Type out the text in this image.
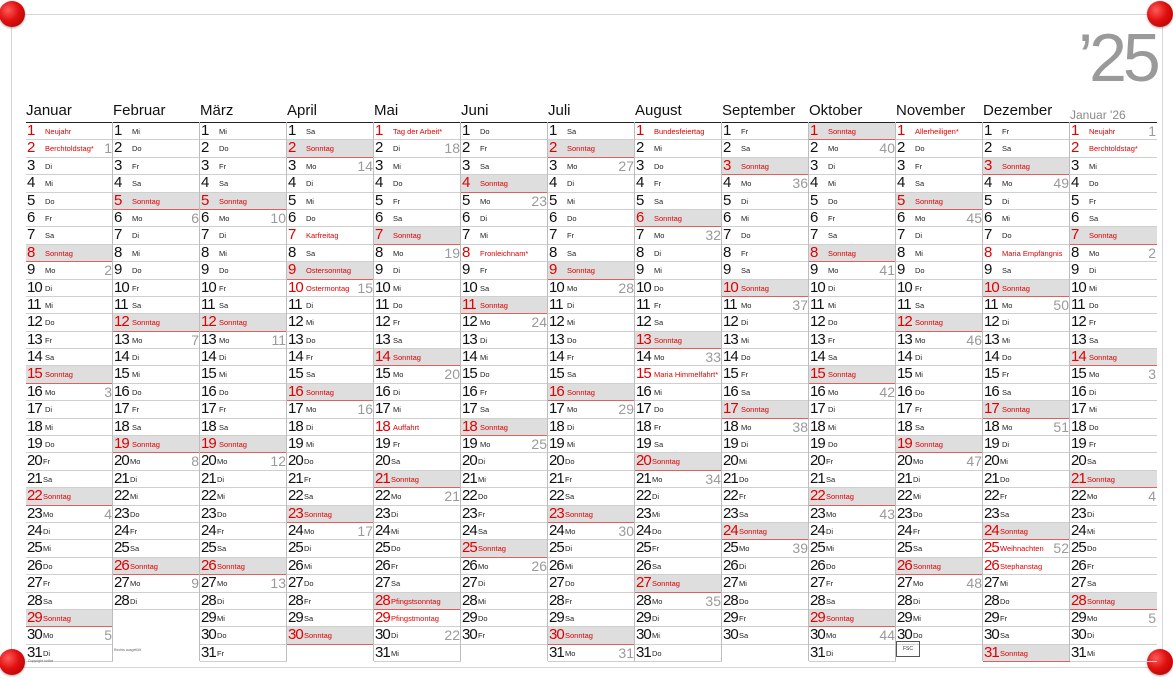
’25
Januar
1 Neujahr
2 Berchtoldstag* 1
3 Di
4 Mi
5 Do
6 Fr
7 Sa
8 Sonntag
9 Mo	2
10 Di
11 Mi
12 Do
13 Fr
14 Sa
15 Sonntag
16 Mo	3
17 Di
18 Mi
19 Do
20 Fr
21 Sa
22 Sonntag
23 Mo	4
24 Di
25 Mi
26 Do
27 Fr
28 Sa
29 Sonntag
30 Mo	5
31 Di
Februar
1 Mi
2 Do
3 Fr
4 Sa
5 Sonntag
6 Mo	6
7 Di
8 Mi
9 Do
10 Fr
11 Sa
12 Sonntag
13 Mo	7
14 Di
15 Mi
16 Do
17 Fr
18 Sa
19 Sonntag
20 Mo	8
21 Di
22 Mi
23 Do
24 Fr
25 Sa
26 Sonntag
27 Mo	9
28 Di
März
1 Mi
2 Do
3 Fr
4 Sa
5 Sonntag
6 Mo	10
7 Di
8 Mi
9 Do
10 Fr
11 Sa
12 Sonntag
13 Mo	11
14 Di
15 Mi
16 Do
17 Fr
18 Sa
19 Sonntag
20 Mo	12
21 Di
22 Mi
23 Do
24 Fr
25 Sa
26 Sonntag
27 Mo	13
28 Di
29 Mi
30 Do
31 Fr
April
1 Sa
2 Sonntag
3 Mo	14
4 Di
5 Mi
6 Do
7 Karfreitag
8 Sa
9 Ostersonntag
10 Ostermontag 15
11 Di
12 Mi
13 Do
14 Fr
15 Sa
16 Sonntag
17 Mo	16
18 Di
19 Mi
20 Do
21 Fr
22 Sa
23 Sonntag
24 Mo	17
25 Di
26 Mi
27 Do
28 Fr
29 Sa
30 Sonntag
Mai
1 Tag der Arbeit*
2 Di	18
3 Mi
4 Do
5 Fr
6 Sa
7 Sonntag
8 Mo	19
9 Di
10 Mi
11 Do
12 Fr
13 Sa
14 Sonntag
15 Mo	20
16 Di
17 Mi
18 Auffahrt
19 Fr
20 Sa
21 Sonntag
22 Mo	21
23 Di
24 Mi
25 Do
26 Fr
27 Sa
28 Pfingstsonntag
29 Pfingstmontag
30 Di	22
31 Mi
Juni
1 Do
2 Fr
3 Sa
4 Sonntag
5 Mo	23
6 Di
7 Mi
8 Fronleichnam*
9 Fr
10 Sa
11 Sonntag
12 Mo	24
13 Di
14 Mi
15 Do
16 Fr
17 Sa
18 Sonntag
19 Mo	25
20 Di
21 Mi
22 Do
23 Fr
24 Sa
25 Sonntag
26 Mo	26
27 Di
28 Mi
29 Do
30 Fr
Juli
1 Sa
2 Sonntag
3 Mo	27
4 Di
5 Mi
6 Do
7 Fr
8 Sa
9 Sonntag
10 Mo	28
11 Di
12 Mi
13 Do
14 Fr
15 Sa
16 Sonntag
17 Mo	29
18 Di
19 Mi
20 Do
21 Fr
22 Sa
23 Sonntag
24 Mo	30
25 Di
26 Mi
27 Do
28 Fr
29 Sa
30 Sonntag
31 Mo	31
August
1 Bundesfeiertag
2 Mi
3 Do
4 Fr
5 Sa
6 Sonntag
7 Mo	32
8 Di
9 Mi
10 Do
11 Fr
12 Sa
13 Sonntag
14 Mo	33
15 Maria Himmelfahrt*
16 Mi
17 Do
18 Fr
19 Sa
20 Sonntag
21 Mo	34
22 Di
23 Mi
24 Do
25 Fr
26 Sa
27 Sonntag
28 Mo	35
29 Di
30 Mi
31 Do
September
1 Fr
2 Sa
3 Sonntag
4 Mo	36
5 Di
6 Mi
7 Do
8 Fr
9 Sa
10 Sonntag
11 Mo	37
12 Di
13 Mi
14 Do
15 Fr
16 Sa
17 Sonntag
18 Mo	38
19 Di
20 Mi
21 Do
22 Fr
23 Sa
24 Sonntag
25 Mo	39
26 Di
27 Mi
28 Do
29 Fr
30 Sa
Oktober
1 Sonntag
2 Mo	40
3 Di
4 Mi
5 Do
6 Fr
7 Sa
8 Sonntag
9 Mo	41
10 Di
11 Mi
12 Do
13 Fr
14 Sa
15 Sonntag
16 Mo	42
17 Di
18 Mi
19 Do
20 Fr
21 Sa
22 Sonntag
23 Mo	43
24 Di
25 Mi
26 Do
27 Fr
28 Sa
29 Sonntag
30 Mo	44
31 Di
November
1 Allerheiligen*
2 Do
3 Fr
4 Sa
5 Sonntag
6 Mo	45
7 Di
8 Mi
9 Do
10 Fr
11 Sa
12 Sonntag
13 Mo	46
14 Di
15 Mi
16 Do
17 Fr
18 Sa
19 Sonntag
20 Mo	47
21 Di
22 Mi
23 Do
24 Fr
25 Sa
26 Sonntag
27 Mo	48
28 Di
29 Mi
30 Do
Dezember
1 Fr
2 Sa
3 Sonntag
4 Mo	49
5 Di
6 Mi
7 Do
8 Maria Empfängnis
9 Sa
10 Sonntag
11 Mo	50
12 Di
13 Mi
14 Do
15 Fr
16 Sa
17 Sonntag
18 Mo	51
19 Di
20 Mi
21 Do
22 Fr
23 Sa
24 Sonntag
25 Weihnachten 52
26 Stephanstag
27 Mi
28 Do
29 Fr
30 Sa
31 Sonntag
Januar '26
1 Neujahr 1
2 Berchtoldstag*
3 Mi
4 Do
5 Fr
6 Sa
7 Sonntag
8 Mo	2
9 Di
10 Mi
11 Do
12 Fr
13 Sa
14 Sonntag
15 Mo	3
16 Di
17 Mi
18 Do
19 Fr
20 Sa
21 Sonntag
22 Mo	4
23 Di
24 Mi
25 Do
26 Fr
27 Sa
28 Sonntag
29 Mo	5
30 Di
31 Mi
Copyright notice
Rechts ausgefüllt	FSC
